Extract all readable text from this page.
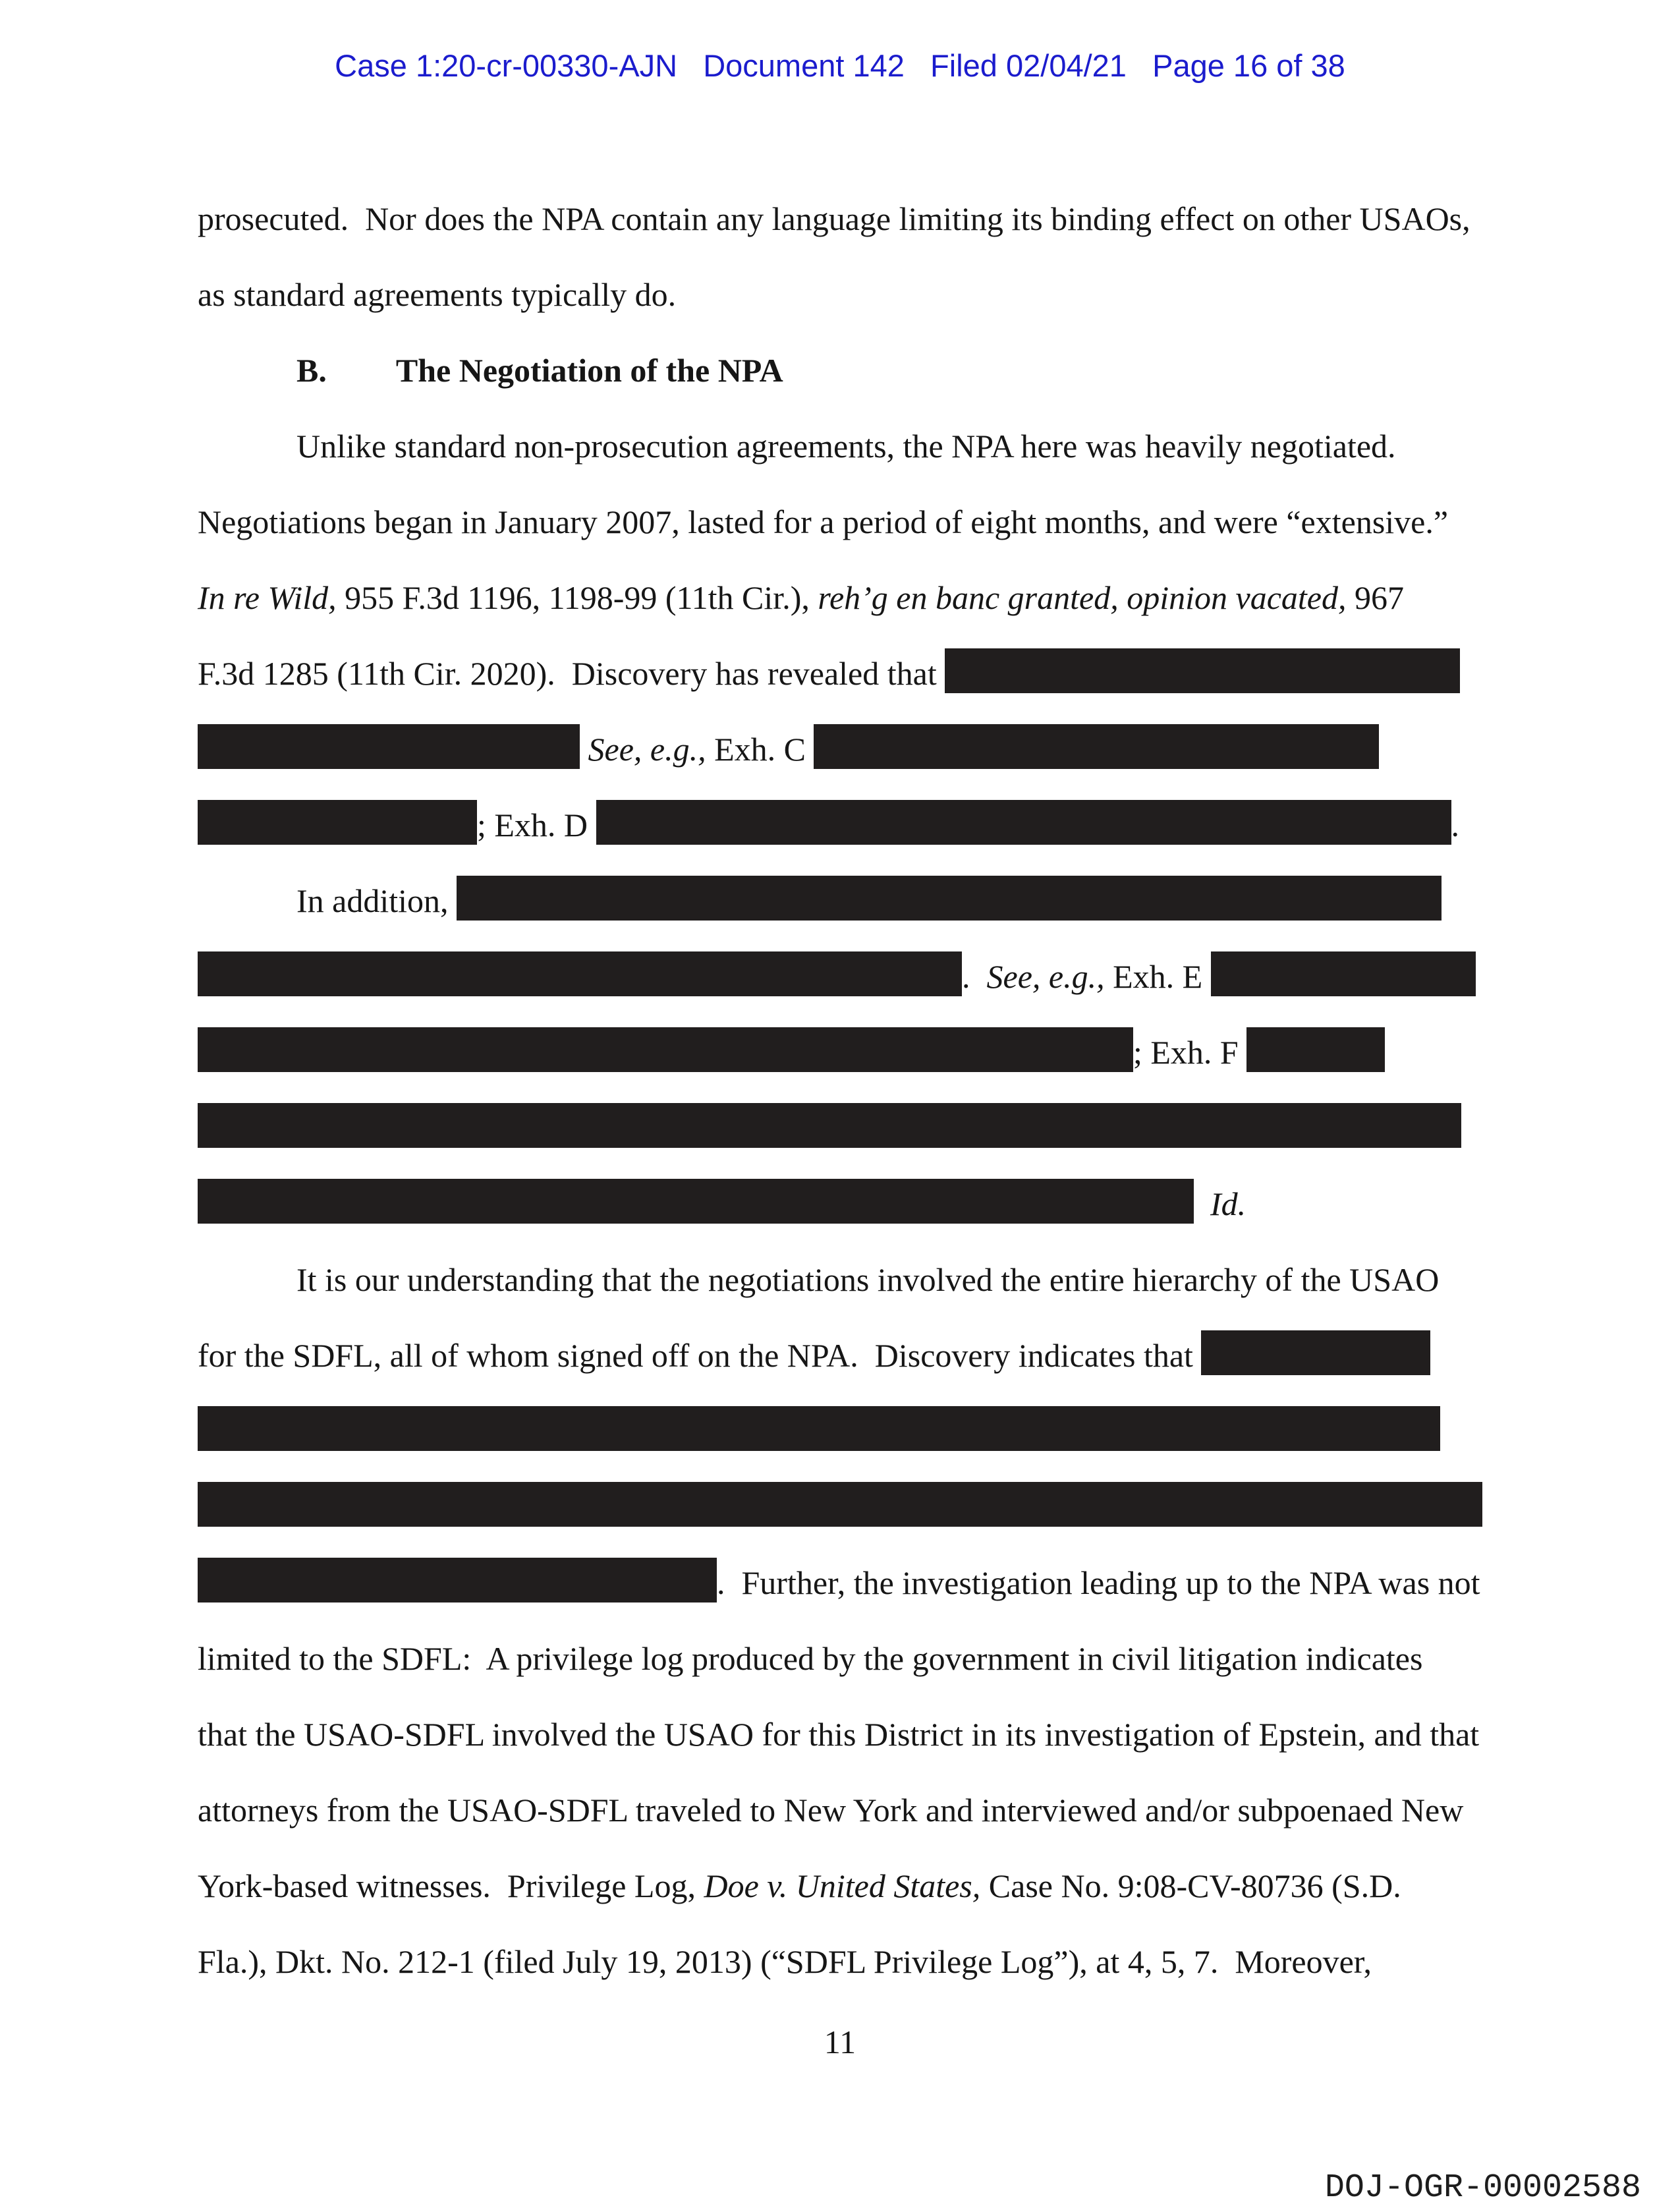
Case 1:20-cr-00330-AJN   Document 142   Filed 02/04/21   Page 16 of 38
prosecuted.  Nor does the NPA contain any language limiting its binding effect on other USAOs,
as standard agreements typically do.
B. The Negotiation of the NPA
Unlike standard non-prosecution agreements, the NPA here was heavily negotiated.
Negotiations began in January 2007, lasted for a period of eight months, and were “extensive.”
In re Wild, 955 F.3d 1196, 1198-99 (11th Cir.), reh’g en banc granted, opinion vacated, 967
F.3d 1285 (11th Cir. 2020).  Discovery has revealed that
See, e.g., Exh. C
; Exh. D	.
In addition,
.  See, e.g., Exh. E
; Exh. F
Id.
It is our understanding that the negotiations involved the entire hierarchy of the USAO
for the SDFL, all of whom signed off on the NPA.  Discovery indicates that
.  Further, the investigation leading up to the NPA was not
limited to the SDFL:  A privilege log produced by the government in civil litigation indicates
that the USAO-SDFL involved the USAO for this District in its investigation of Epstein, and that
attorneys from the USAO-SDFL traveled to New York and interviewed and/or subpoenaed New
York-based witnesses.  Privilege Log, Doe v. United States, Case No. 9:08-CV-80736 (S.D.
Fla.), Dkt. No. 212-1 (filed July 19, 2013) (“SDFL Privilege Log”), at 4, 5, 7.  Moreover,
11
DOJ-OGR-00002588
